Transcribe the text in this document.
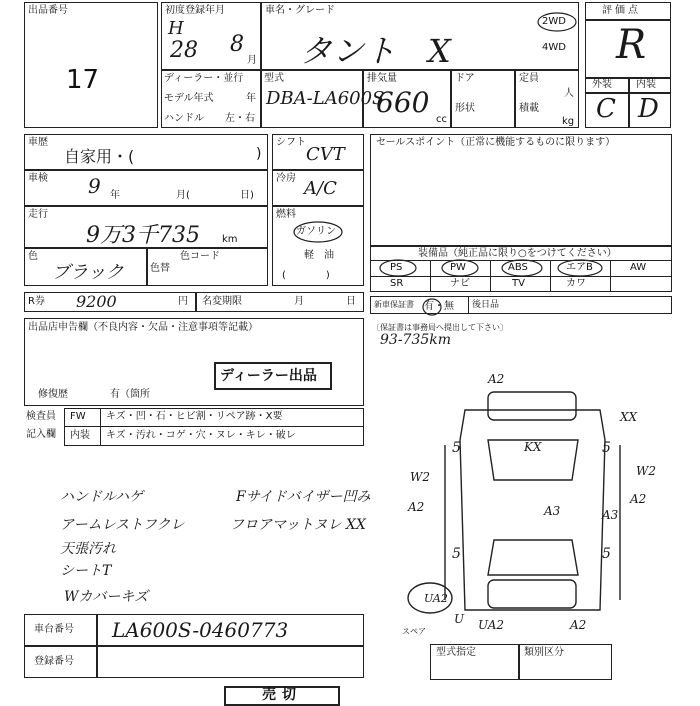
出品番号
17
初度登録年月
H
28 8
月
車名・グレード
タント　X
2WD
4WD
評価点
R
外装 内装
C D
ディーラー・並行
モデル年式	年
ハンドル 左・右
型式
DBA-LA600S
排気量
660
cc
ドア
形状
定員
人
積載
kg
車歴
自家用・(	)
シフト
CVT
車検 9 年	月(	日)
冷房 A/C
走行
9万3千735 km
燃料
ガソリン
軽　油
(　　　　)
色
ブラック	色替
色コード
セールスポイント（正常に機能するものに限ります）
装備品（純正品に限り○をつけてください）
PS	PW	ABS	エアB	AW
SR	ナビ	TV	カワ
R券 9200	円 名変期限	月	日 新車保証書 有・無 後日品
〔保証書は事務局へ提出して下さい〕
93-735km
出品店申告欄（不良内容・欠品・注意事項等記載）
ディーラー出品
修復歴	有（箇所
検査員
記入欄
FW キズ・凹・石・ヒビ割・リペア跡・X要
内装 キズ・汚れ・コゲ・穴・ヌレ・キレ・破レ
ハンドルハゲ
アームレストフクレ
天張汚れ
シートT
Wカバーキズ
Fサイドバイザー凹み
フロアマットヌレ XX
A2
XX
5	5
5	5
W2	W2
A2
A2
A3	A3
UA2
U UA2	A2
KX
スペア
車台番号 LA600S-0460773
登録番号
型式指定	類別区分
売切
